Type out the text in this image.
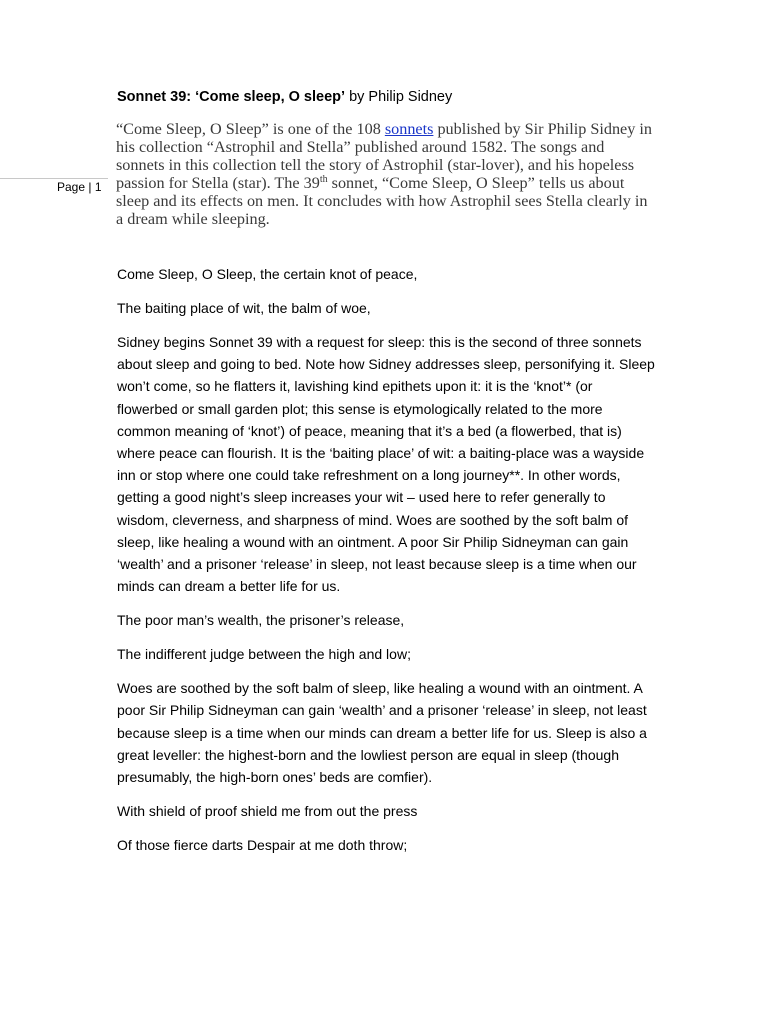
Page | 1
Sonnet 39: ‘Come sleep, O sleep’ by Philip Sidney
“Come Sleep, O Sleep” is one of the 108 sonnets published by Sir Philip Sidney in his collection “Astrophil and Stella” published around 1582. The songs and sonnets in this collection tell the story of Astrophil (star-lover), and his hopeless passion for Stella (star). The 39th sonnet, “Come Sleep, O Sleep” tells us about sleep and its effects on men. It concludes with how Astrophil sees Stella clearly in a dream while sleeping.

Come Sleep, O Sleep, the certain knot of peace,

The baiting place of wit, the balm of woe,

Sidney begins Sonnet 39 with a request for sleep: this is the second of three sonnets about sleep and going to bed. Note how Sidney addresses sleep, personifying it. Sleep won’t come, so he flatters it, lavishing kind epithets upon it: it is the ‘knot’* (or flowerbed or small garden plot; this sense is etymologically related to the more common meaning of ‘knot’) of peace, meaning that it’s a bed (a flowerbed, that is) where peace can flourish. It is the ‘baiting place’ of wit: a baiting-place was a wayside inn or stop where one could take refreshment on a long journey**. In other words, getting a good night’s sleep increases your wit – used here to refer generally to wisdom, cleverness, and sharpness of mind. Woes are soothed by the soft balm of sleep, like healing a wound with an ointment. A poor Sir Philip Sidneyman can gain ‘wealth’ and a prisoner ‘release’ in sleep, not least because sleep is a time when our minds can dream a better life for us.

The poor man’s wealth, the prisoner’s release,

The indifferent judge between the high and low;

Woes are soothed by the soft balm of sleep, like healing a wound with an ointment. A poor Sir Philip Sidneyman can gain ‘wealth’ and a prisoner ‘release’ in sleep, not least because sleep is a time when our minds can dream a better life for us. Sleep is also a great leveller: the highest-born and the lowliest person are equal in sleep (though presumably, the high-born ones’ beds are comfier).

With shield of proof shield me from out the press

Of those fierce darts Despair at me doth throw;
